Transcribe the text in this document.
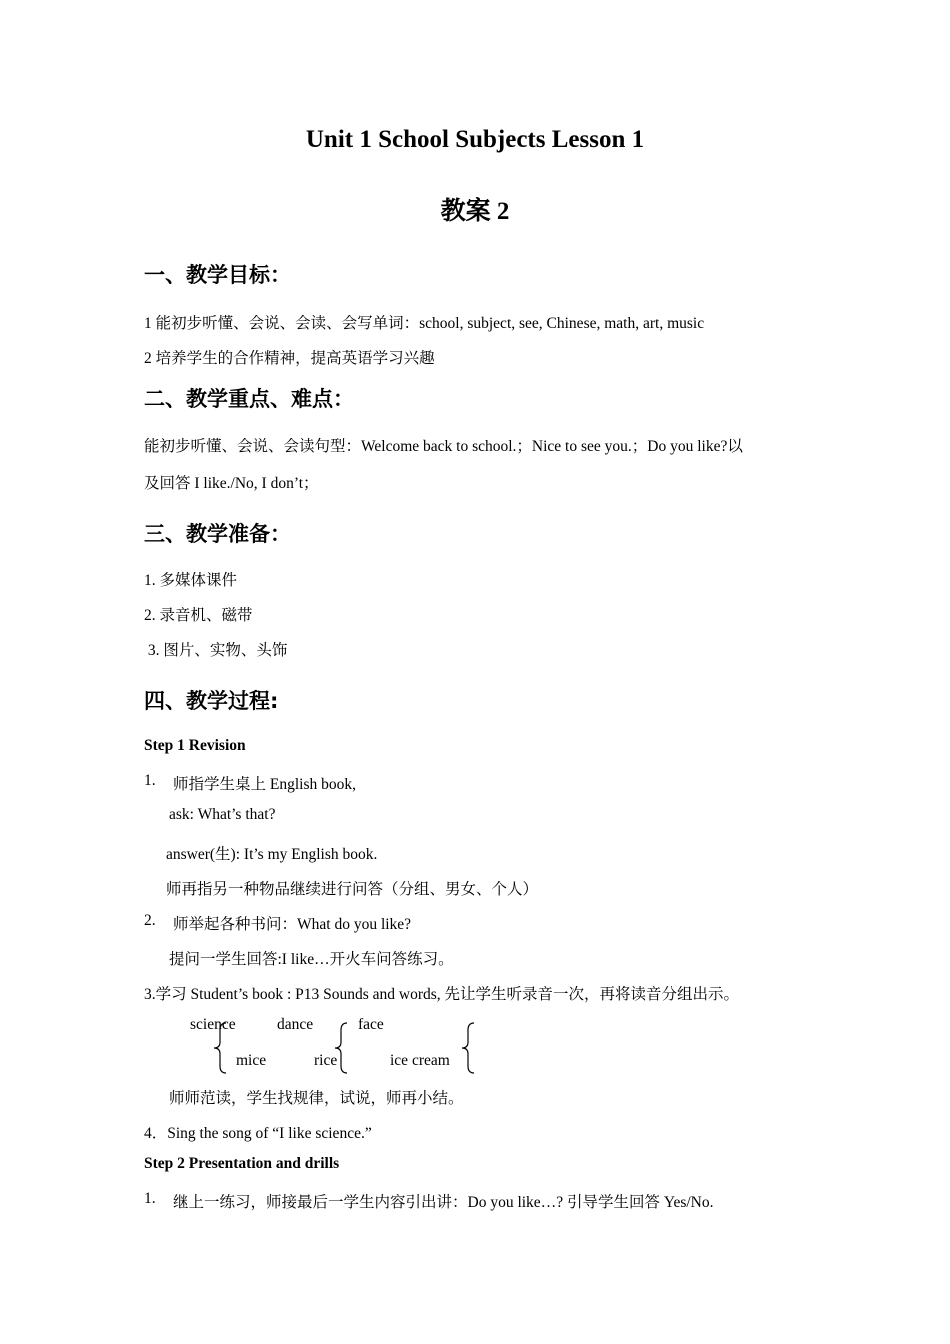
Unit 1 School Subjects Lesson 1
教案 2
一、教学目标：
1 能初步听懂、会说、会读、会写单词：school, subject, see, Chinese, math, art, music
2 培养学生的合作精神，提高英语学习兴趣
二、教学重点、难点：
能初步听懂、会说、会读句型：Welcome back to school.；Nice to see you.；Do you like?以
及回答 I like./No, I don’t；
三、教学准备：
1. 多媒体课件
2. 录音机、磁带
3. 图片、实物、头饰
四、教学过程:
Step 1 Revision
1. 师指学生桌上 English book,
ask: What’s that?
answer(生): It’s my English book.
师再指另一种物品继续进行问答（分组、男女、个人）
2. 师举起各种书问：What do you like?
提问一学生回答:I like…开火车问答练习。
3.学习 Student’s book : P13 Sounds and words, 先让学生听录音一次，再将读音分组出示。
science	dance	face
mice	rice	ice cream
师师范读，学生找规律，试说，师再小结。
4．Sing the song of “I like science.”
Step 2 Presentation and drills
1. 继上一练习，师接最后一学生内容引出讲：Do you like…? 引导学生回答 Yes/No.
